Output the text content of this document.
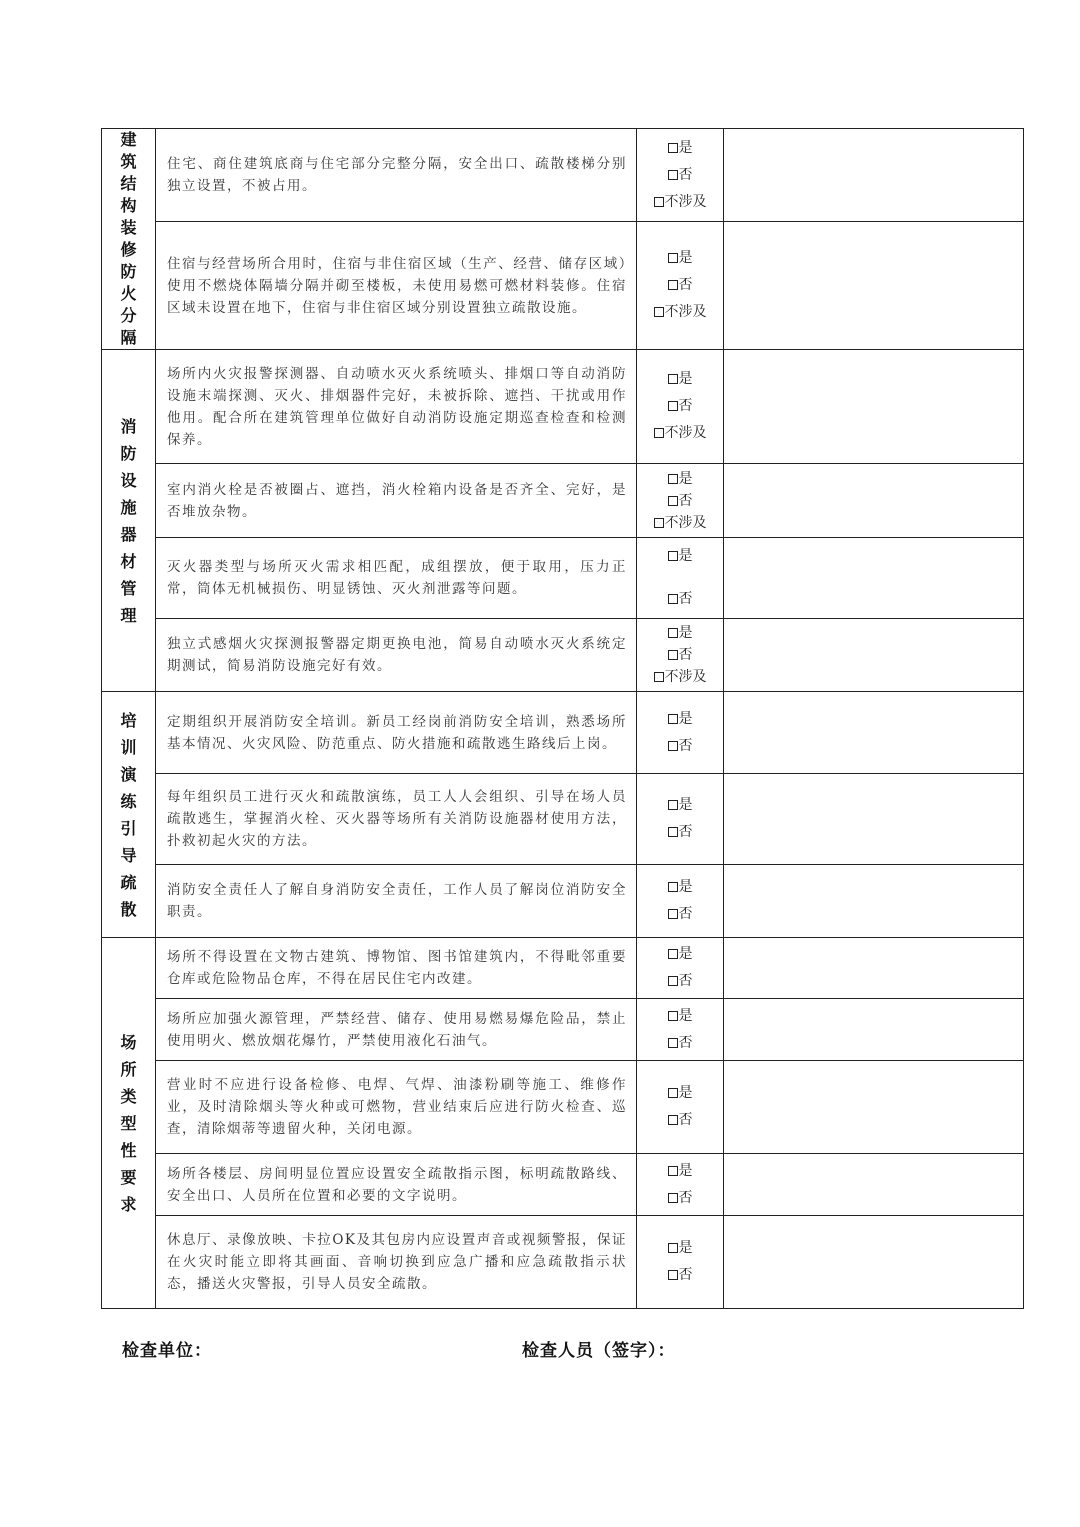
建筑结构装修防火分隔	住宅、商住建筑底商与住宅部分完整分隔，安全出口、疏散楼梯分别独立设置，不被占用。	是
否
不涉及	

	住宿与经营场所合用时，住宿与非住宿区域（生产、经营、储存区域）使用不燃烧体隔墙分隔并砌至楼板，未使用易燃可燃材料装修。住宿区域未设置在地下，住宿与非住宿区域分别设置独立疏散设施。	是
否
不涉及	

消防设施器材管理	场所内火灾报警探测器、自动喷水灭火系统喷头、排烟口等自动消防设施末端探测、灭火、排烟器件完好，未被拆除、遮挡、干扰或用作他用。配合所在建筑管理单位做好自动消防设施定期巡查检查和检测保养。	是
否
不涉及	

	室内消火栓是否被圈占、遮挡，消火栓箱内设备是否齐全、完好，是否堆放杂物。	是
否
不涉及	

	灭火器类型与场所灭火需求相匹配，成组摆放，便于取用，压力正常，筒体无机械损伤、明显锈蚀、灭火剂泄露等问题。	是
否	

	独立式感烟火灾探测报警器定期更换电池，简易自动喷水灭火系统定期测试，简易消防设施完好有效。	是
否
不涉及	

培训演练引导疏散	定期组织开展消防安全培训。新员工经岗前消防安全培训，熟悉场所基本情况、火灾风险、防范重点、防火措施和疏散逃生路线后上岗。	是
否	

	每年组织员工进行灭火和疏散演练，员工人人会组织、引导在场人员疏散逃生，掌握消火栓、灭火器等场所有关消防设施器材使用方法，扑救初起火灾的方法。	是
否	

	消防安全责任人了解自身消防安全责任，工作人员了解岗位消防安全职责。	是
否	

场所类型性要求	场所不得设置在文物古建筑、博物馆、图书馆建筑内，不得毗邻重要仓库或危险物品仓库，不得在居民住宅内改建。	是
否	

	场所应加强火源管理，严禁经营、储存、使用易燃易爆危险品，禁止使用明火、燃放烟花爆竹，严禁使用液化石油气。	是
否	

	营业时不应进行设备检修、电焊、气焊、油漆粉刷等施工、维修作业，及时清除烟头等火种或可燃物，营业结束后应进行防火检查、巡查，清除烟蒂等遗留火种，关闭电源。	是
否	

	场所各楼层、房间明显位置应设置安全疏散指示图，标明疏散路线、安全出口、人员所在位置和必要的文字说明。	是
否	

	休息厅、录像放映、卡拉OK及其包房内应设置声音或视频警报，保证在火灾时能立即将其画面、音响切换到应急广播和应急疏散指示状态，播送火灾警报，引导人员安全疏散。	是
否	

检查单位：	检查人员（签字）：
